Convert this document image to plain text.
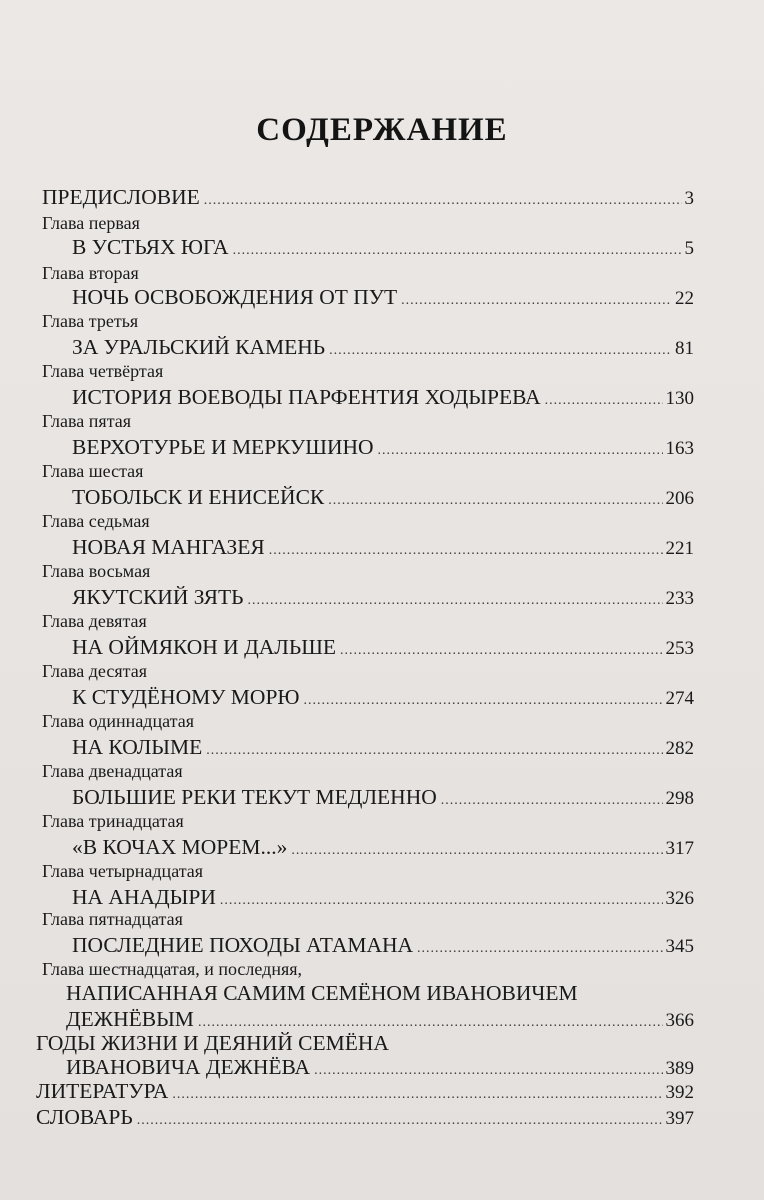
СОДЕРЖАНИЕ
ПРЕДИСЛОВИЕ .....	3
Глава первая
В УСТЬЯХ ЮГА .....	5
Глава вторая
НОЧЬ ОСВОБОЖДЕНИЯ ОТ ПУТ .....	22
Глава третья
ЗА УРАЛЬСКИЙ КАМЕНЬ .....	81
Глава четвёртая
ИСТОРИЯ ВОЕВОДЫ ПАРФЕНТИЯ ХОДЫРЕВА .....	130
Глава пятая
ВЕРХОТУРЬЕ И МЕРКУШИНО .....	163
Глава шестая
ТОБОЛЬСК И ЕНИСЕЙСК .....	206
Глава седьмая
НОВАЯ МАНГАЗЕЯ .....	221
Глава восьмая
ЯКУТСКИЙ ЗЯТЬ .....	233
Глава девятая
НА ОЙМЯКОН И ДАЛЬШЕ .....	253
Глава десятая
К СТУДЁНОМУ МОРЮ .....	274
Глава одиннадцатая
НА КОЛЫМЕ .....	282
Глава двенадцатая
БОЛЬШИЕ РЕКИ ТЕКУТ МЕДЛЕННО .....	298
Глава тринадцатая
«В КОЧАХ МОРЕМ...» .....	317
Глава четырнадцатая
НА АНАДЫРИ .....	326
Глава пятнадцатая
ПОСЛЕДНИЕ ПОХОДЫ АТАМАНА .....	345
Глава шестнадцатая, и последняя,
НАПИСАННАЯ САМИМ СЕМЁНОМ ИВАНОВИЧЕМ
ДЕЖНЁВЫМ .....	366
ГОДЫ ЖИЗНИ И ДЕЯНИЙ СЕМЁНА
ИВАНОВИЧА ДЕЖНЁВА .....	389
ЛИТЕРАТУРА .....	392
СЛОВАРЬ .....	397
